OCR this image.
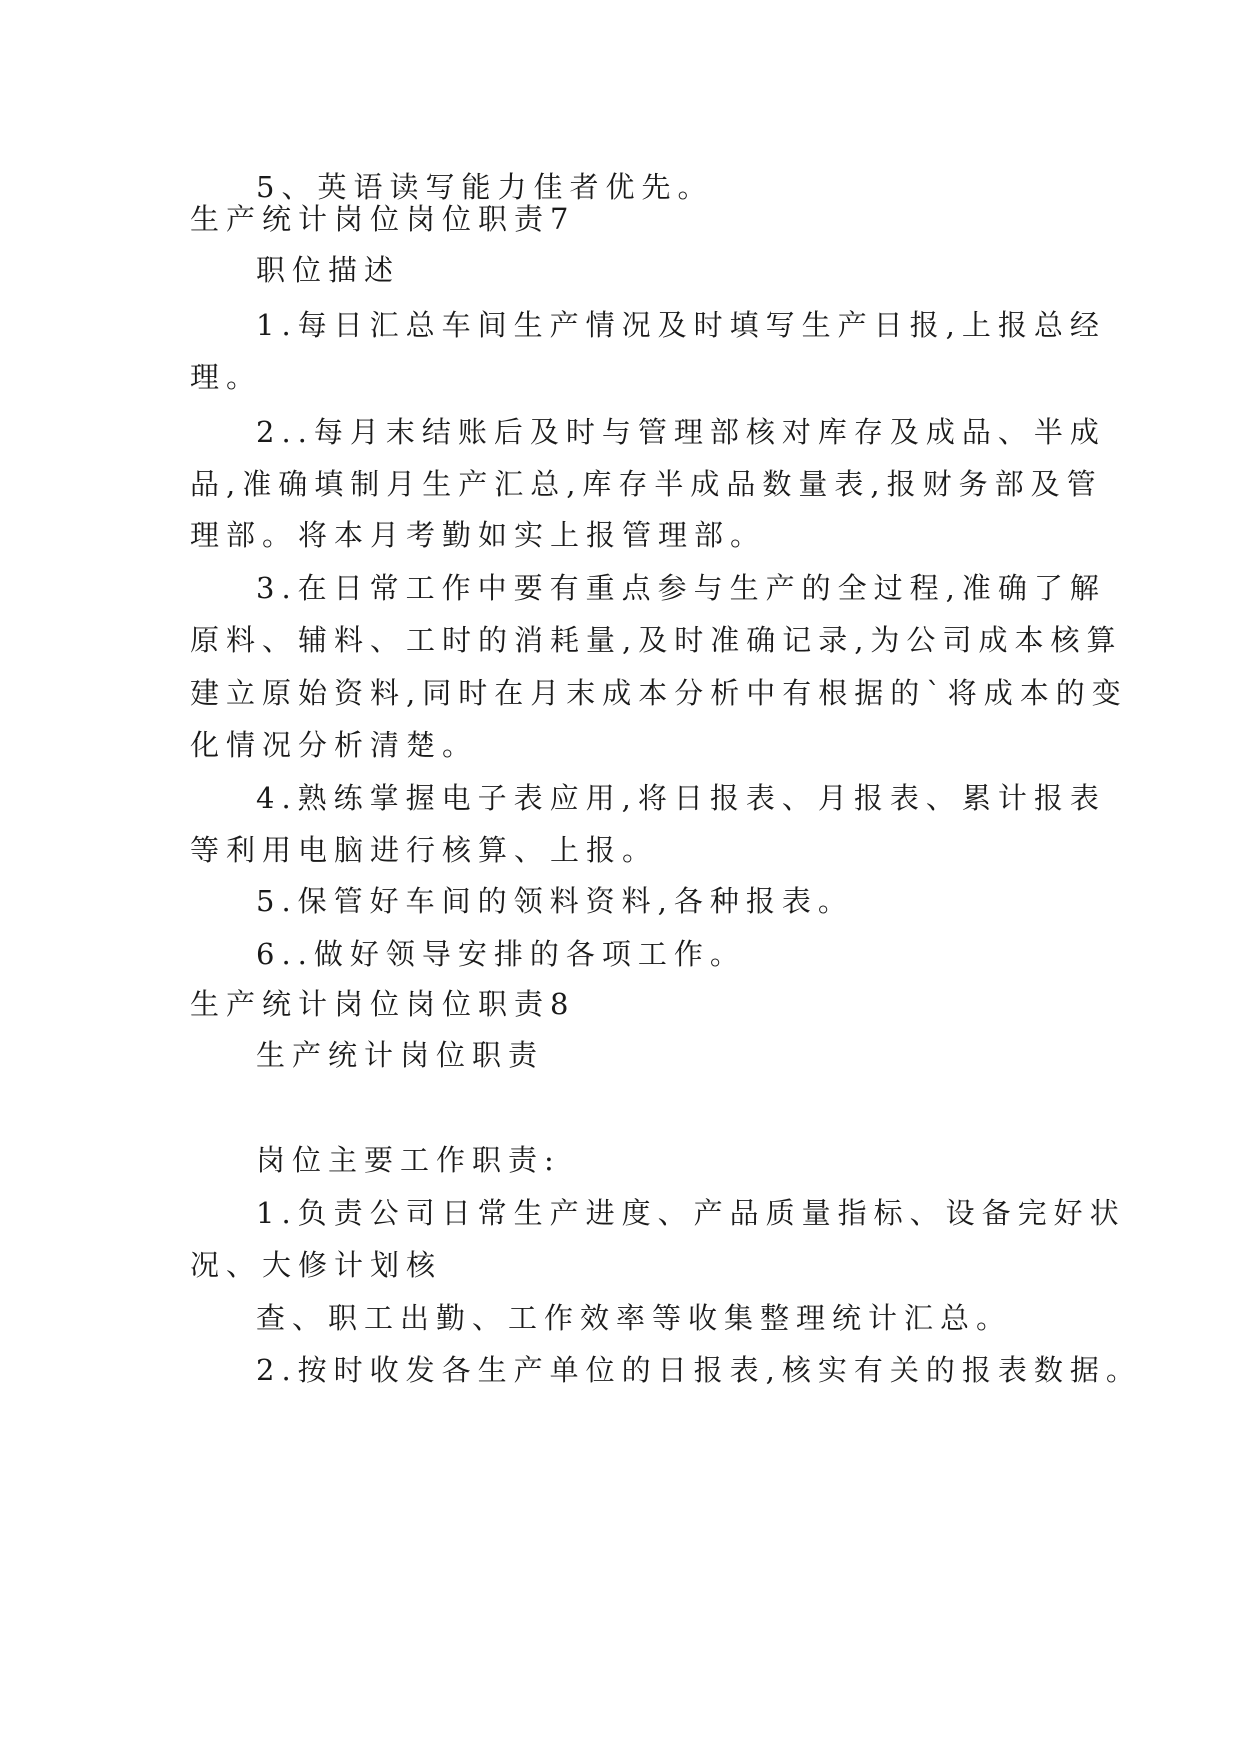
5、英语读写能力佳者优先。
生产统计岗位岗位职责7
职位描述
1.每日汇总车间生产情况及时填写生产日报,上报总经
理。
2..每月末结账后及时与管理部核对库存及成品、半成
品,准确填制月生产汇总,库存半成品数量表,报财务部及管
理部。将本月考勤如实上报管理部。
3.在日常工作中要有重点参与生产的全过程,准确了解
原料、辅料、工时的消耗量,及时准确记录,为公司成本核算
建立原始资料,同时在月末成本分析中有根据的`将成本的变
化情况分析清楚。
4.熟练掌握电子表应用,将日报表、月报表、累计报表
等利用电脑进行核算、上报。
5.保管好车间的领料资料,各种报表。
6..做好领导安排的各项工作。
生产统计岗位岗位职责8
生产统计岗位职责
岗位主要工作职责:
1.负责公司日常生产进度、产品质量指标、设备完好状
况、大修计划核
查、职工出勤、工作效率等收集整理统计汇总。
2.按时收发各生产单位的日报表,核实有关的报表数据。
